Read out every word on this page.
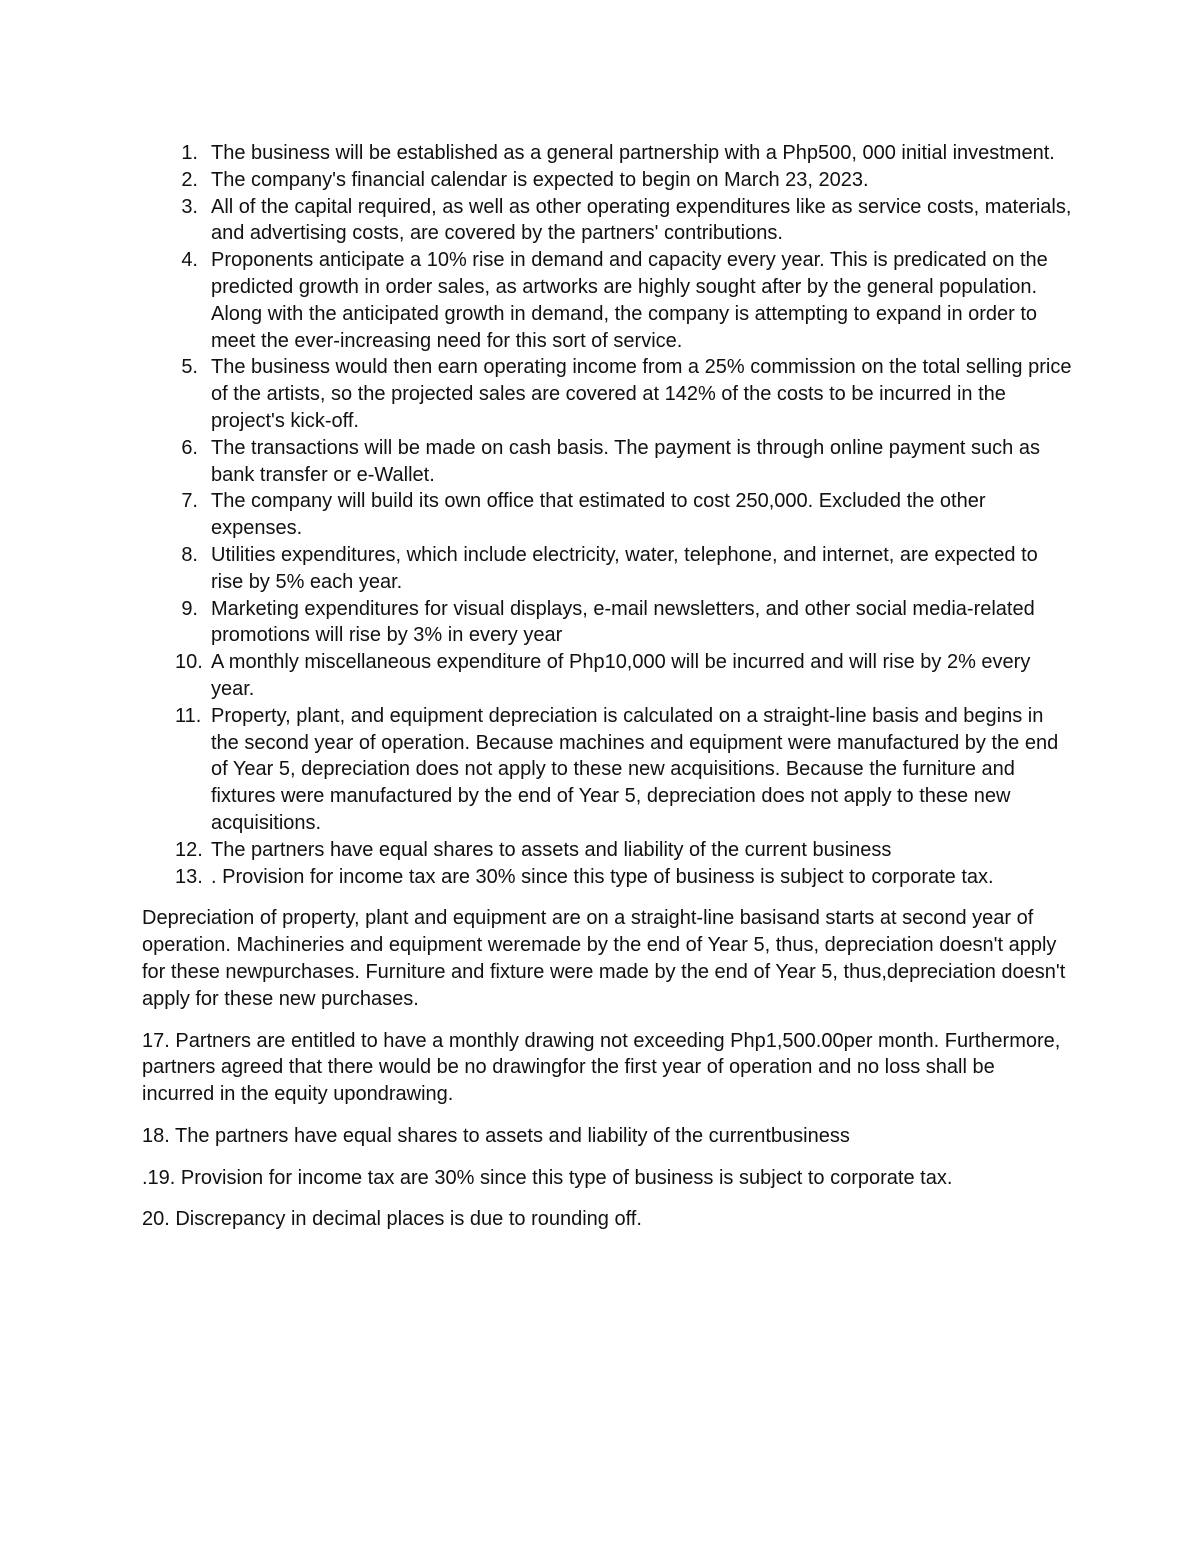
1. The business will be established as a general partnership with a Php500, 000 initial investment.
2. The company's financial calendar is expected to begin on March 23, 2023.
3. All of the capital required, as well as other operating expenditures like as service costs, materials, and advertising costs, are covered by the partners' contributions.
4. Proponents anticipate a 10% rise in demand and capacity every year. This is predicated on the predicted growth in order sales, as artworks are highly sought after by the general population. Along with the anticipated growth in demand, the company is attempting to expand in order to meet the ever-increasing need for this sort of service.
5. The business would then earn operating income from a 25% commission on the total selling price of the artists, so the projected sales are covered at 142% of the costs to be incurred in the project's kick-off.
6. The transactions will be made on cash basis. The payment is through online payment such as bank transfer or e-Wallet.
7. The company will build its own office that estimated to cost 250,000. Excluded the other expenses.
8. Utilities expenditures, which include electricity, water, telephone, and internet, are expected to rise by 5% each year.
9. Marketing expenditures for visual displays, e-mail newsletters, and other social media-related promotions will rise by 3% in every year
10. A monthly miscellaneous expenditure of Php10,000 will be incurred and will rise by 2% every year.
11. Property, plant, and equipment depreciation is calculated on a straight-line basis and begins in the second year of operation. Because machines and equipment were manufactured by the end of Year 5, depreciation does not apply to these new acquisitions. Because the furniture and fixtures were manufactured by the end of Year 5, depreciation does not apply to these new acquisitions.
12. The partners have equal shares to assets and liability of the current business
13. . Provision for income tax are 30% since this type of business is subject to corporate tax.

Depreciation of property, plant and equipment are on a straight-line basisand starts at second year of operation. Machineries and equipment weremade by the end of Year 5, thus, depreciation doesn't apply for these newpurchases. Furniture and fixture were made by the end of Year 5, thus,depreciation doesn't apply for these new purchases.

17. Partners are entitled to have a monthly drawing not exceeding Php1,500.00per month. Furthermore, partners agreed that there would be no drawingfor the first year of operation and no loss shall be incurred in the equity upondrawing.

18. The partners have equal shares to assets and liability of the currentbusiness

.19. Provision for income tax are 30% since this type of business is subject to corporate tax.

20. Discrepancy in decimal places is due to rounding off.
